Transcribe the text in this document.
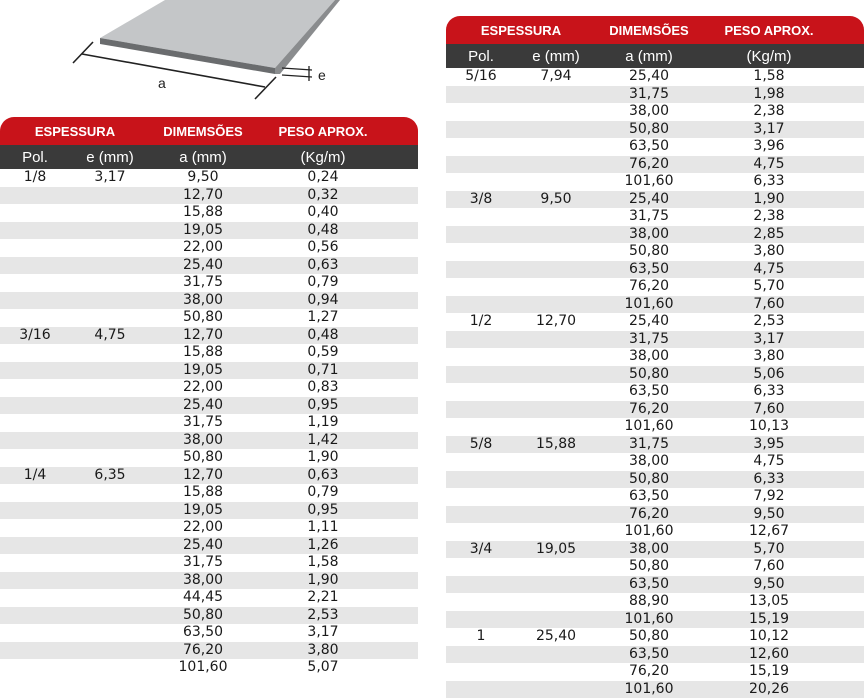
a	e
ESPESSURA	DIMEMSÕES	PESO APROX.
Pol.	e (mm)	a (mm)	(Kg/m)
1/8	3,17	9,50	0,24
12,70	0,32
15,88	0,40
19,05	0,48
22,00	0,56
25,40	0,63
31,75	0,79
38,00	0,94
50,80	1,27
3/16	4,75	12,70	0,48
15,88	0,59
19,05	0,71
22,00	0,83
25,40	0,95
31,75	1,19
38,00	1,42
50,80	1,90
1/4	6,35	12,70	0,63
15,88	0,79
19,05	0,95
22,00	1,11
25,40	1,26
31,75	1,58
38,00	1,90
44,45	2,21
50,80	2,53
63,50	3,17
76,20	3,80
101,60	5,07
ESPESSURA	DIMEMSÕES	PESO APROX.
Pol.	e (mm)	a (mm)	(Kg/m)
5/16	7,94	25,40	1,58
31,75	1,98
38,00	2,38
50,80	3,17
63,50	3,96
76,20	4,75
101,60	6,33
3/8	9,50	25,40	1,90
31,75	2,38
38,00	2,85
50,80	3,80
63,50	4,75
76,20	5,70
101,60	7,60
1/2	12,70	25,40	2,53
31,75	3,17
38,00	3,80
50,80	5,06
63,50	6,33
76,20	7,60
101,60	10,13
5/8	15,88	31,75	3,95
38,00	4,75
50,80	6,33
63,50	7,92
76,20	9,50
101,60	12,67
3/4	19,05	38,00	5,70
50,80	7,60
63,50	9,50
88,90	13,05
101,60	15,19
1	25,40	50,80	10,12
63,50	12,60
76,20	15,19
101,60	20,26
